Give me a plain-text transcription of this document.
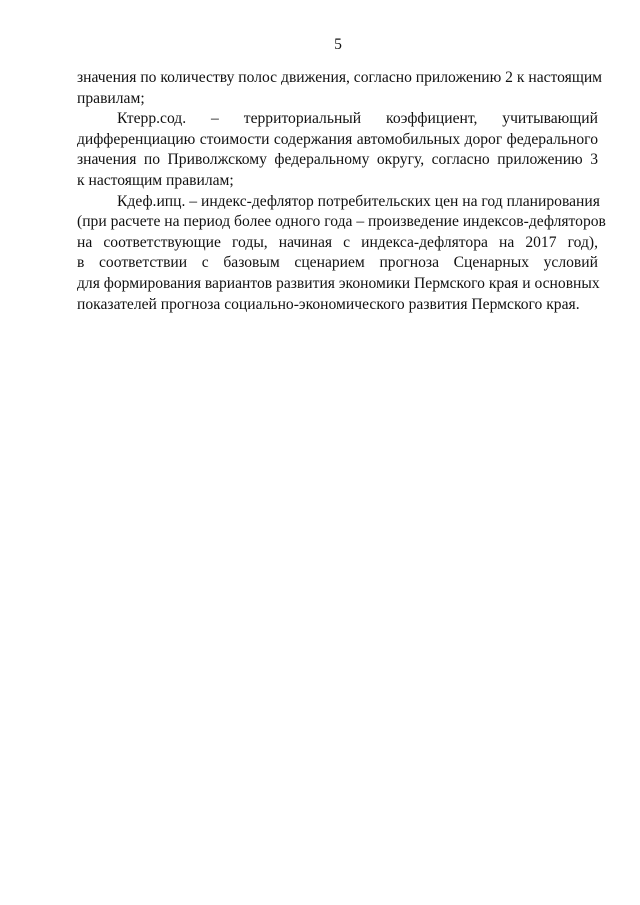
5

значения по количеству полос движения, согласно приложению 2 к настоящим
правилам;

Ктерр.сод. – территориальный коэффициент, учитывающий
дифференциацию стоимости содержания автомобильных дорог федерального
значения по Приволжскому федеральному округу, согласно приложению 3
к настоящим правилам;

Кдеф.ипц. – индекс-дефлятор потребительских цен на год планирования
(при расчете на период более одного года – произведение индексов-дефляторов
на соответствующие годы, начиная с индекса-дефлятора на 2017 год),
в соответствии с базовым сценарием прогноза Сценарных условий
для формирования вариантов развития экономики Пермского края и основных
показателей прогноза социально-экономического развития Пермского края.
